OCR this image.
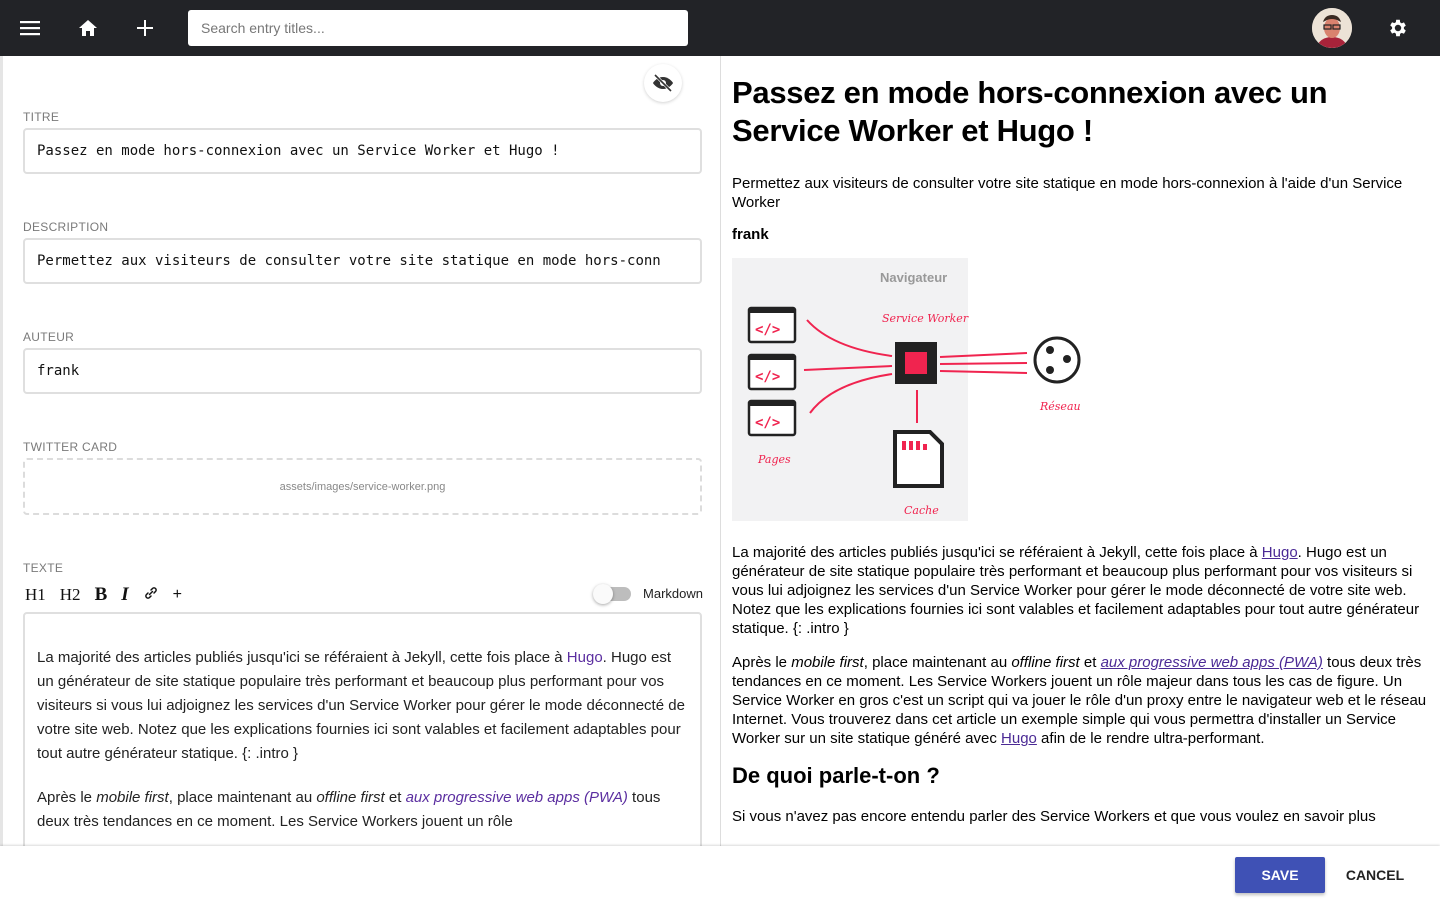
Search entry titles...
TITRE
Passez en mode hors-connexion avec un Service Worker et Hugo !
DESCRIPTION
Permettez aux visiteurs de consulter votre site statique en mode hors-conn
AUTEUR
frank
TWITTER CARD
assets/images/service-worker.png
TEXTE
H1 H2 B I	+	Markdown

La majorité des articles publiés jusqu'ici se référaient à Jekyll, cette fois place à Hugo. Hugo est un générateur de site statique populaire très performant et beaucoup plus performant pour vos visiteurs si vous lui adjoignez les services d'un Service Worker pour gérer le mode déconnecté de votre site web. Notez que les explications fournies ici sont valables et facilement adaptables pour tout autre générateur statique. {: .intro }

Après le mobile first, place maintenant au offline first et aux progressive web apps (PWA) tous deux très tendances en ce moment. Les Service Workers jouent un rôle

Passez en mode hors-connexion avec un Service Worker et Hugo !
Permettez aux visiteurs de consulter votre site statique en mode hors-connexion à l'aide d'un Service Worker
frank
Navigateur
</>
</>
</>
Service Worker
Pages
Cache
Réseau

La majorité des articles publiés jusqu'ici se référaient à Jekyll, cette fois place à Hugo. Hugo est un générateur de site statique populaire très performant et beaucoup plus performant pour vos visiteurs si vous lui adjoignez les services d'un Service Worker pour gérer le mode déconnecté de votre site web. Notez que les explications fournies ici sont valables et facilement adaptables pour tout autre générateur statique. {: .intro }

Après le mobile first, place maintenant au offline first et aux progressive web apps (PWA) tous deux très tendances en ce moment. Les Service Workers jouent un rôle majeur dans tous les cas de figure. Un Service Worker en gros c'est un script qui va jouer le rôle d'un proxy entre le navigateur web et le réseau Internet. Vous trouverez dans cet article un exemple simple qui vous permettra d'installer un Service Worker sur un site statique généré avec Hugo afin de le rendre ultra-performant.

De quoi parle-t-on ?

Si vous n'avez pas encore entendu parler des Service Workers et que vous voulez en savoir plus

SAVE	CANCEL
